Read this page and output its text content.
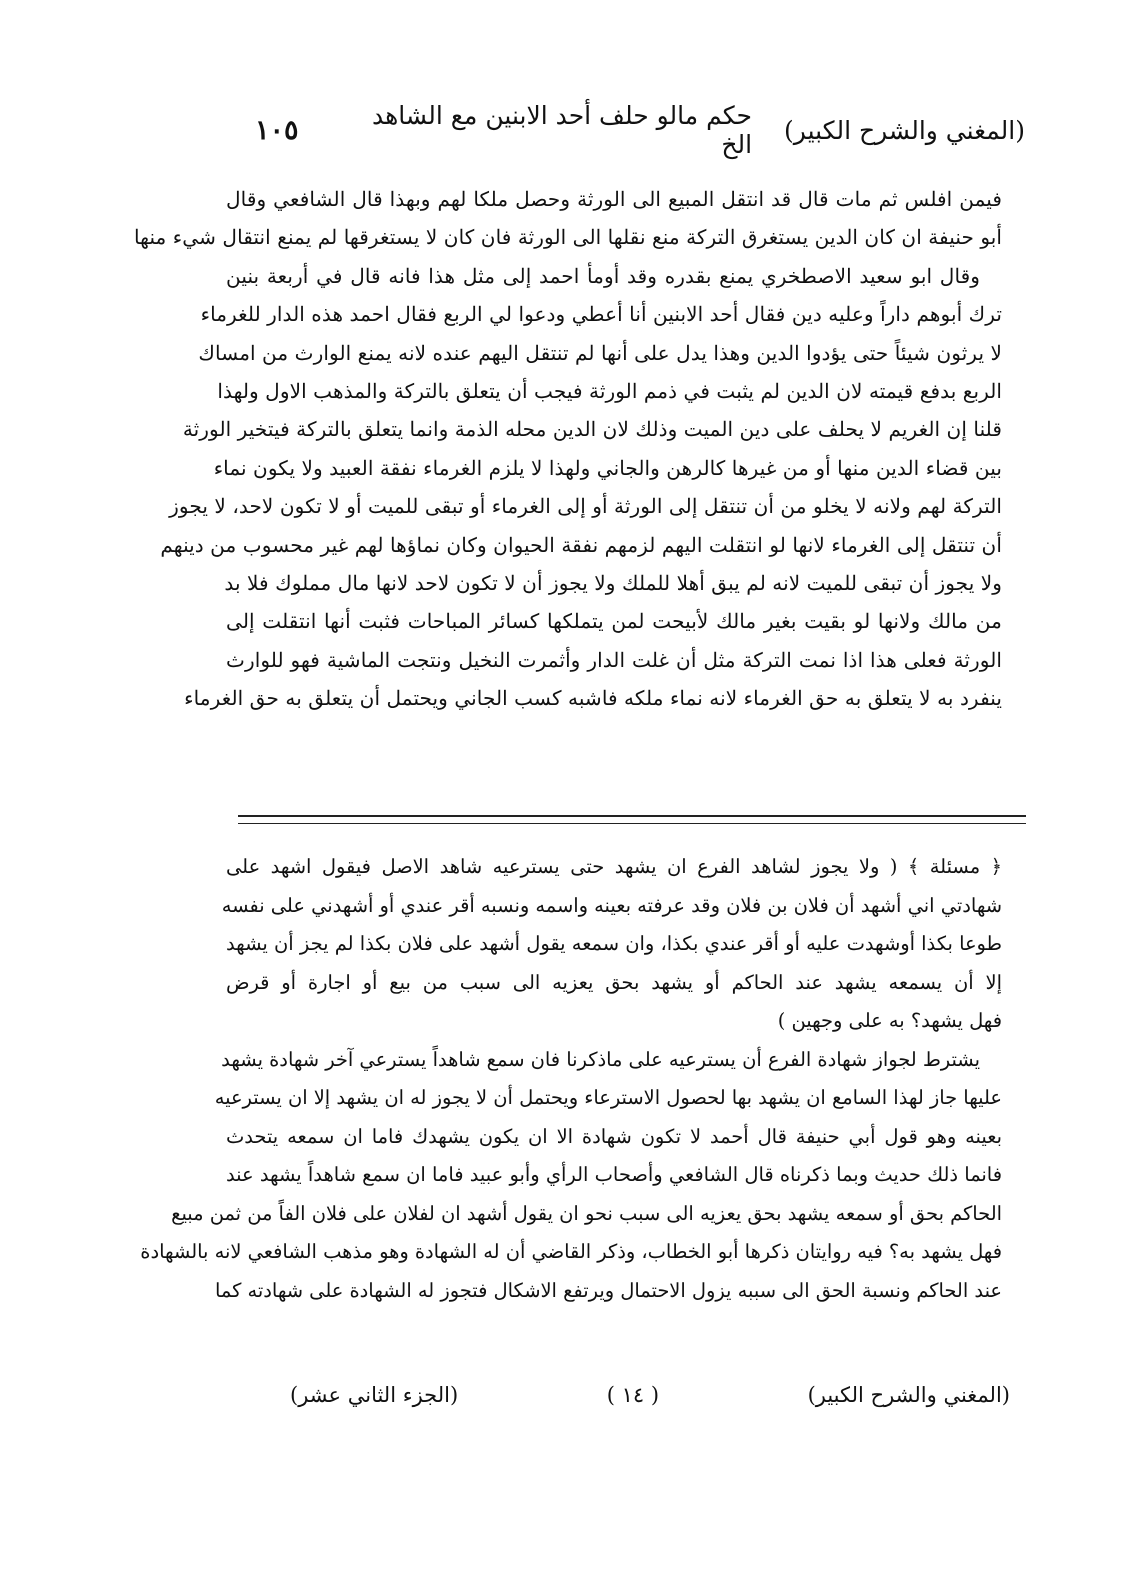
(المغني والشرح الكبير)
حكم مالو حلف أحد الابنين مع الشاهد الخ
١٠٥
فيمن افلس ثم مات قال قد انتقل المبيع الى الورثة وحصل ملكا لهم وبهذا قال الشافعي وقال
أبو حنيفة ان كان الدين يستغرق التركة منع نقلها الى الورثة فان كان لا يستغرقها لم يمنع انتقال شيء منها
وقال ابو سعيد الاصطخري يمنع بقدره وقد أومأ احمد إلى مثل هذا فانه قال في أربعة بنين
ترك أبوهم داراً وعليه دين فقال أحد الابنين أنا أعطي ودعوا لي الربع فقال احمد هذه الدار للغرماء
لا يرثون شيئاً حتى يؤدوا الدين وهذا يدل على أنها لم تنتقل اليهم عنده لانه يمنع الوارث من امساك
الربع بدفع قيمته لان الدين لم يثبت في ذمم الورثة فيجب أن يتعلق بالتركة والمذهب الاول ولهذا
قلنا إن الغريم لا يحلف على دين الميت وذلك لان الدين محله الذمة وانما يتعلق بالتركة فيتخير الورثة
بين قضاء الدين منها أو من غيرها كالرهن والجاني ولهذا لا يلزم الغرماء نفقة العبيد ولا يكون نماء
التركة لهم ولانه لا يخلو من أن تنتقل إلى الورثة أو إلى الغرماء أو تبقى للميت أو لا تكون لاحد، لا يجوز
أن تنتقل إلى الغرماء لانها لو انتقلت اليهم لزمهم نفقة الحيوان وكان نماؤها لهم غير محسوب من دينهم
ولا يجوز أن تبقى للميت لانه لم يبق أهلا للملك ولا يجوز أن لا تكون لاحد لانها مال مملوك فلا بد
من مالك ولانها لو بقيت بغير مالك لأبيحت لمن يتملكها كسائر المباحات فثبت أنها انتقلت إلى
الورثة فعلى هذا اذا نمت التركة مثل أن غلت الدار وأثمرت النخيل ونتجت الماشية فهو للوارث
ينفرد به لا يتعلق به حق الغرماء لانه نماء ملكه فاشبه كسب الجاني ويحتمل أن يتعلق به حق الغرماء
﴿ مسئلة ﴾ ( ولا يجوز لشاهد الفرع ان يشهد حتى يسترعيه شاهد الاصل فيقول اشهد على
شهادتي اني أشهد أن فلان بن فلان وقد عرفته بعينه واسمه ونسبه أقر عندي أو أشهدني على نفسه
طوعا بكذا أوشهدت عليه أو أقر عندي بكذا، وان سمعه يقول أشهد على فلان بكذا لم يجز أن يشهد
إلا أن يسمعه يشهد عند الحاكم أو يشهد بحق يعزيه الى سبب من بيع أو اجارة أو قرض
فهل يشهد؟ به على وجهين )
يشترط لجواز شهادة الفرع أن يسترعيه على ماذكرنا فان سمع شاهداً يسترعي آخر شهادة يشهد
عليها جاز لهذا السامع ان يشهد بها لحصول الاسترعاء ويحتمل أن لا يجوز له ان يشهد إلا ان يسترعيه
بعينه وهو قول أبي حنيفة قال أحمد لا تكون شهادة الا ان يكون يشهدك فاما ان سمعه يتحدث
فانما ذلك حديث وبما ذكرناه قال الشافعي وأصحاب الرأي وأبو عبيد فاما ان سمع شاهداً يشهد عند
الحاكم بحق أو سمعه يشهد بحق يعزيه الى سبب نحو ان يقول أشهد ان لفلان على فلان الفاً من ثمن مبيع
فهل يشهد به؟ فيه روايتان ذكرها أبو الخطاب، وذكر القاضي أن له الشهادة وهو مذهب الشافعي لانه بالشهادة
عند الحاكم ونسبة الحق الى سببه يزول الاحتمال ويرتفع الاشكال فتجوز له الشهادة على شهادته كما
(المغني والشرح الكبير)
( ١٤ )
(الجزء الثاني عشر)
